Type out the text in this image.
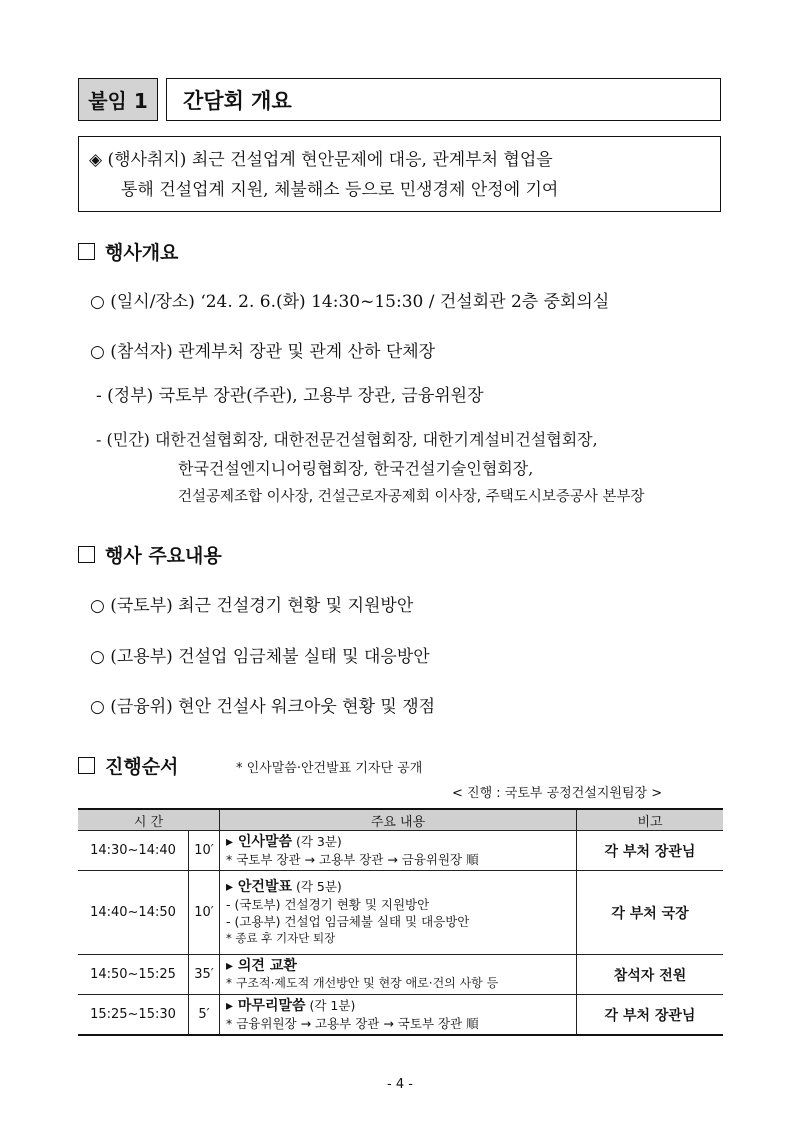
붙임 1 간담회 개요
◈ (행사취지) 최근 건설업계 현안문제에 대응, 관계부처 협업을
통해 건설업계 지원, 체불해소 등으로 민생경제 안정에 기여
행사개요
○ (일시/장소) ‘24. 2. 6.(화) 14:30~15:30 / 건설회관 2층 중회의실
○ (참석자) 관계부처 장관 및 관계 산하 단체장
- (정부) 국토부 장관(주관), 고용부 장관, 금융위원장
- (민간) 대한건설협회장, 대한전문건설협회장, 대한기계설비건설협회장,
한국건설엔지니어링협회장, 한국건설기술인협회장,
건설공제조합 이사장, 건설근로자공제회 이사장, 주택도시보증공사 본부장
행사 주요내용
○ (국토부) 최근 건설경기 현황 및 지원방안
○ (고용부) 건설업 임금체불 실태 및 대응방안
○ (금융위) 현안 건설사 워크아웃 현황 및 쟁점
진행순서	* 인사말씀·안건발표 기자단 공개
< 진행 : 국토부 공정건설지원팀장 >
시 간		주요 내용	비고
14:30~14:40	10′	▸ 인사말씀 (각 3분)
* 국토부 장관 → 고용부 장관 → 금융위원장 順	각 부처 장관님
14:40~14:50	10′	▸ 안건발표 (각 5분)
- (국토부) 건설경기 현황 및 지원방안
- (고용부) 건설업 임금체불 실태 및 대응방안
* 종료 후 기자단 퇴장	각 부처 국장
14:50~15:25	35′	▸ 의견 교환
* 구조적·제도적 개선방안 및 현장 애로·건의 사항 등	참석자 전원
15:25~15:30	5′	▸ 마무리말씀 (각 1분)
* 금융위원장 → 고용부 장관 → 국토부 장관 順	각 부처 장관님
- 4 -
